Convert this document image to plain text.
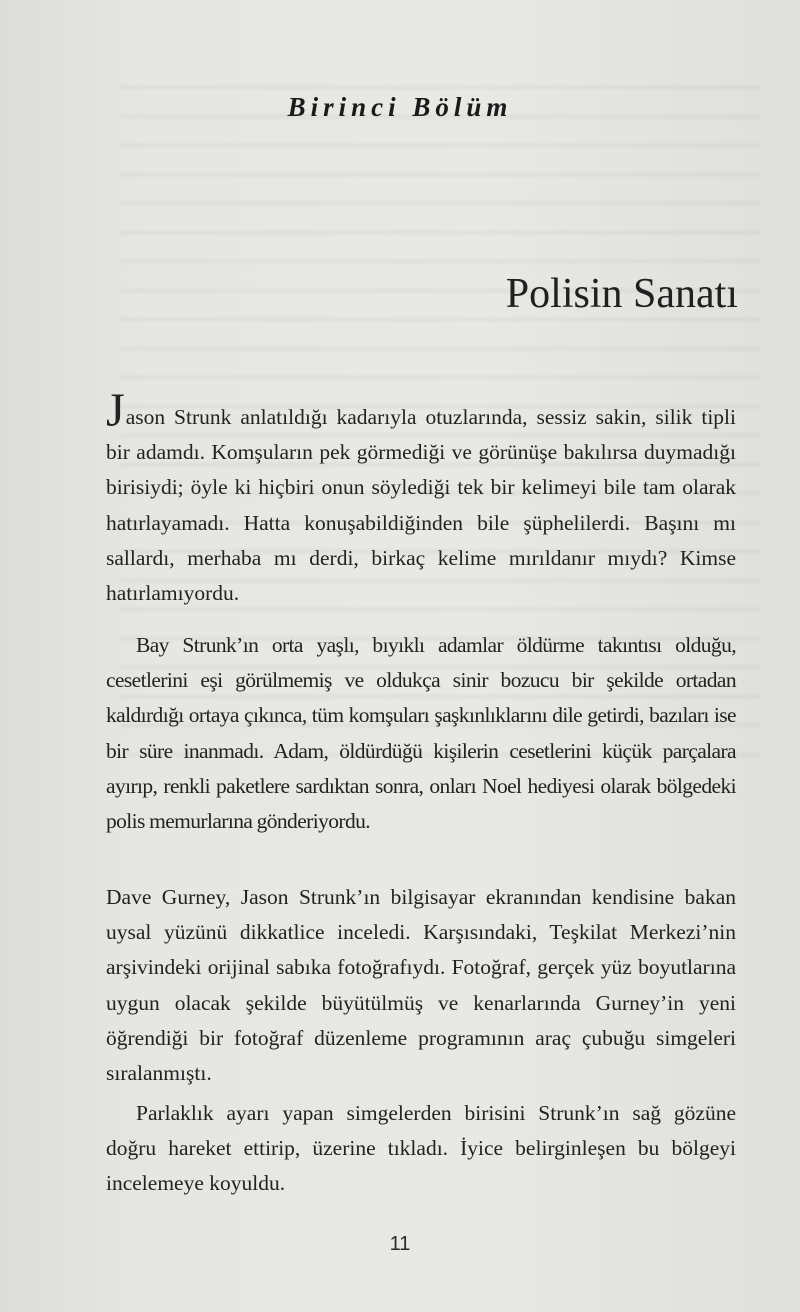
Birinci Bölüm
Polisin Sanatı
Jason Strunk anlatıldığı kadarıyla otuzlarında, sessiz sakin, silik tipli bir adamdı. Komşuların pek görmediği ve görünüşe bakılırsa duymadığı birisiydi; öyle ki hiçbiri onun söylediği tek bir kelimeyi bile tam olarak hatırlayamadı. Hatta konuşabildiğinden bile şüphelilerdi. Başını mı sallardı, merhaba mı derdi, birkaç kelime mırıldanır mıydı? Kimse hatırlamıyordu.
Bay Strunk’ın orta yaşlı, bıyıklı adamlar öldürme takıntısı olduğu, cesetlerini eşi görülmemiş ve oldukça sinir bozucu bir şekilde ortadan kaldırdığı ortaya çıkınca, tüm komşuları şaşkınlıklarını dile getirdi, bazıları ise bir süre inanmadı. Adam, öldürdüğü kişilerin cesetlerini küçük parçalara ayırıp, renkli paketlere sardıktan sonra, onları Noel hediyesi olarak bölgedeki polis memurlarına gönderiyordu.
Dave Gurney, Jason Strunk’ın bilgisayar ekranından kendisine bakan uysal yüzünü dikkatlice inceledi. Karşısındaki, Teşkilat Merkezi’nin arşivindeki orijinal sabıka fotoğrafıydı. Fotoğraf, gerçek yüz boyutlarına uygun olacak şekilde büyütülmüş ve kenarlarında Gurney’in yeni öğrendiği bir fotoğraf düzenleme programının araç çubuğu simgeleri sıralanmıştı.
Parlaklık ayarı yapan simgelerden birisini Strunk’ın sağ gözüne doğru hareket ettirip, üzerine tıkladı. İyice belirginleşen bu bölgeyi incelemeye koyuldu.
11
